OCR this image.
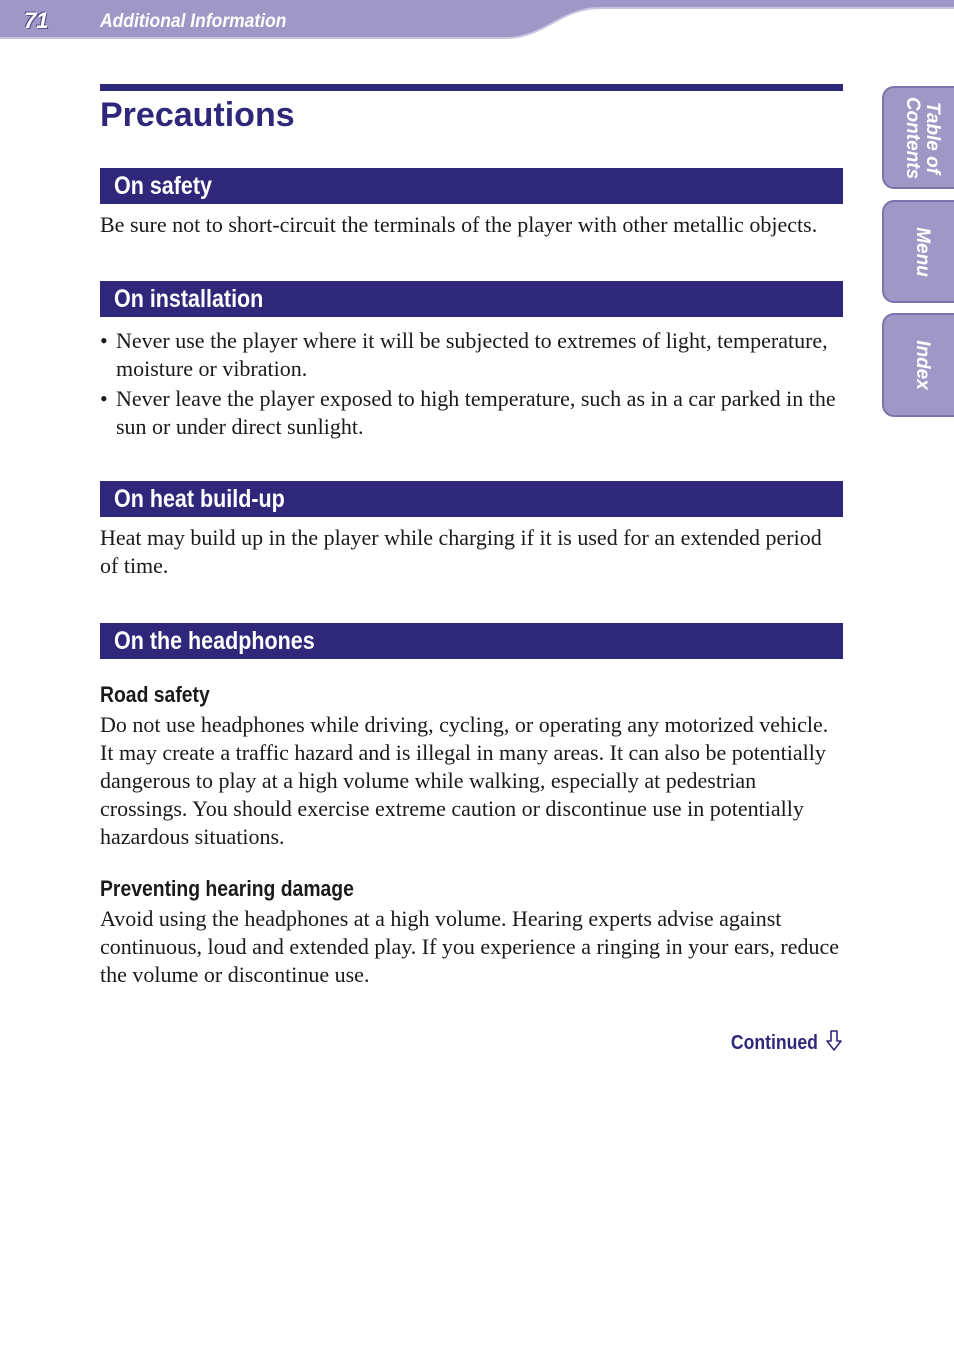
71	Additional Information
Table of
Contents
Menu
Index
Precautions
On safety

Be sure not to short-circuit the terminals of the player with other metallic objects.

On installation
• Never use the player where it will be subjected to extremes of light, temperature, moisture or vibration.
• Never leave the player exposed to high temperature, such as in a car parked in the sun or under direct sunlight.
On heat build-up

Heat may build up in the player while charging if it is used for an extended period of time.

On the headphones
Road safety

Do not use headphones while driving, cycling, or operating any motorized vehicle. It may create a traffic hazard and is illegal in many areas. It can also be potentially dangerous to play at a high volume while walking, especially at pedestrian crossings. You should exercise extreme caution or discontinue use in potentially hazardous situations.

Preventing hearing damage

Avoid using the headphones at a high volume. Hearing experts advise against continuous, loud and extended play. If you experience a ringing in your ears, reduce the volume or discontinue use.

Continued
